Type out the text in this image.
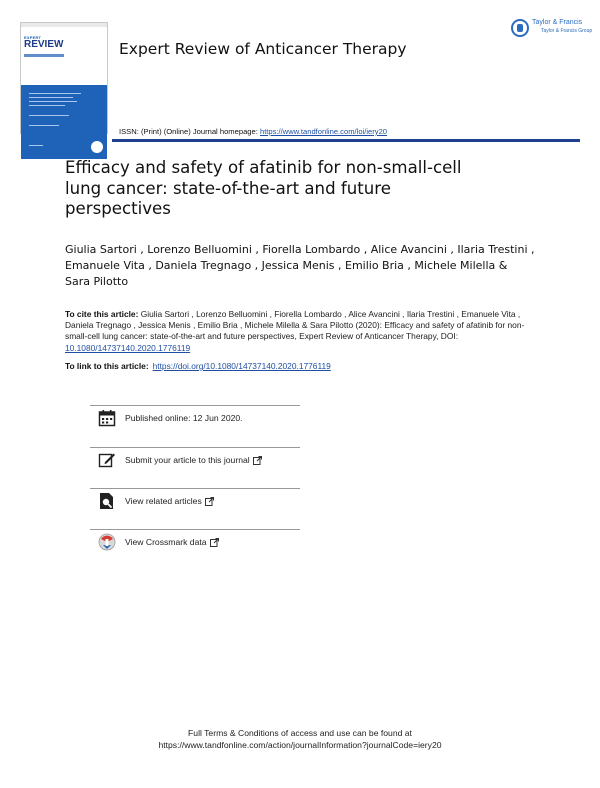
EXPERT
REVIEW	Expert Review of Anticancer Therapy
Taylor & Francis
Taylor & Francis Group
ISSN: (Print) (Online) Journal homepage: https://www.tandfonline.com/loi/iery20
Efficacy and safety of afatinib for non-small-cell lung cancer: state-of-the-art and future perspectives
Giulia Sartori , Lorenzo Belluomini , Fiorella Lombardo , Alice Avancini , Ilaria Trestini , Emanuele Vita , Daniela Tregnago , Jessica Menis , Emilio Bria , Michele Milella & Sara Pilotto
To cite this article: Giulia Sartori , Lorenzo Belluomini , Fiorella Lombardo , Alice Avancini , Ilaria Trestini , Emanuele Vita , Daniela Tregnago , Jessica Menis , Emilio Bria , Michele Milella & Sara Pilotto (2020): Efficacy and safety of afatinib for non-small-cell lung cancer: state-of-the-art and future perspectives, Expert Review of Anticancer Therapy, DOI: 10.1080/14737140.2020.1776119
To link to this article: https://doi.org/10.1080/14737140.2020.1776119
Published online: 12 Jun 2020.
Submit your article to this journal
View related articles
View Crossmark data
Full Terms & Conditions of access and use can be found at
https://www.tandfonline.com/action/journalInformation?journalCode=iery20
